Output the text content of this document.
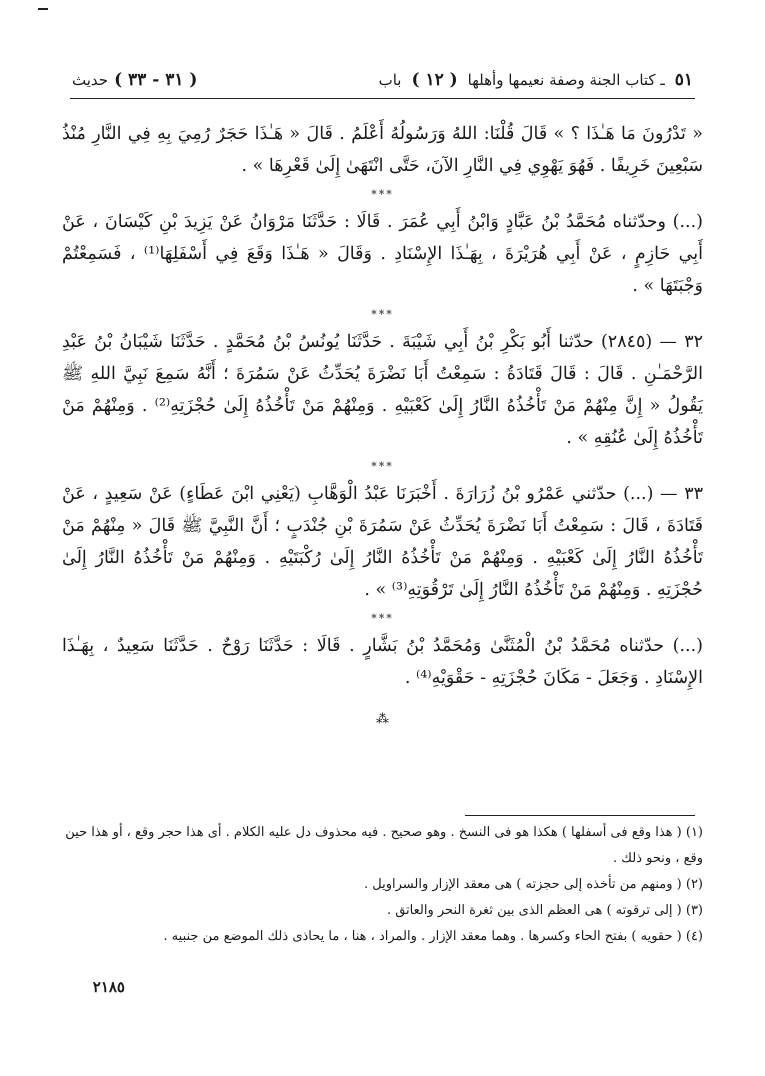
٥١
ـ كتاب الجنة وصفة نعيمها وأهلها
( ١٢ )
باب
( ٣١ - ٣٣ )
حديث

« تَدْرُونَ مَا هَـٰذَا ؟ » قَالَ قُلْنَا: اللهُ وَرَسُولُهُ أَعْلَمُ . قَالَ « هَـٰذَا حَجَرٌ رُمِيَ بِهِ فِي النَّارِ مُنْذُ سَبْعِينَ خَرِيفًا . فَهُوَ يَهْوِي فِي النَّارِ الآنَ، حَتَّى انْتَهَىٰ إِلَىٰ قَعْرِهَا » .

***

(...) وحدّثناه مُحَمَّدُ بْنُ عَبَّادٍ وَابْنُ أَبِي عُمَرَ . قَالَا : حَدَّثَنَا مَرْوَانُ عَنْ يَزِيدَ بْنِ كَيْسَانَ ، عَنْ أَبِي حَازِمٍ ، عَنْ أَبِي هُرَيْرَةَ ، بِهَـٰذَا الإِسْنَادِ . وَقَالَ « هَـٰذَا وَقَعَ فِي أَسْفَلِهَا⁽¹⁾ ، فَسَمِعْتُمْ وَجْبَتَهَا » .

***

٣٢ — (٢٨٤٥) حدّثنا أَبُو بَكْرِ بْنُ أَبِي شَيْبَةَ . حَدَّثَنَا يُونُسُ بْنُ مُحَمَّدٍ . حَدَّثَنَا شَيْبَانُ بْنُ عَبْدِ الرَّحْمَـٰنِ . قَالَ : قَالَ قَتَادَةُ : سَمِعْتُ أَبَا نَضْرَةَ يُحَدِّثُ عَنْ سَمُرَةَ ؛ أَنَّهُ سَمِعَ نَبِيَّ اللهِ ﷺ يَقُولُ « إِنَّ مِنْهُمْ مَنْ تَأْخُذُهُ النَّارُ إِلَىٰ كَعْبَيْهِ . وَمِنْهُمْ مَنْ تَأْخُذُهُ إِلَىٰ حُجْزَتِهِ⁽²⁾ . وَمِنْهُمْ مَنْ تَأْخُذُهُ إِلَىٰ عُنُقِهِ » .

***

٣٣ — (...) حدّثني عَمْرُو بْنُ زُرَارَةَ . أَخْبَرَنَا عَبْدُ الْوَهَّابِ (يَعْنِي ابْنَ عَطَاءٍ) عَنْ سَعِيدٍ ، عَنْ قَتَادَةَ ، قَالَ : سَمِعْتُ أَبَا نَضْرَةَ يُحَدِّثُ عَنْ سَمُرَةَ بْنِ جُنْدَبٍ ؛ أَنَّ النَّبِيَّ ﷺ قَالَ « مِنْهُمْ مَنْ تَأْخُذُهُ النَّارُ إِلَىٰ كَعْبَيْهِ . وَمِنْهُمْ مَنْ تَأْخُذُهُ النَّارُ إِلَىٰ رُكْبَتَيْهِ . وَمِنْهُمْ مَنْ تَأْخُذُهُ النَّارُ إِلَىٰ حُجْزَتِهِ . وَمِنْهُمْ مَنْ تَأْخُذُهُ النَّارُ إِلَىٰ تَرْقُوَتِهِ⁽³⁾ » .

***

(...) حدّثناه مُحَمَّدُ بْنُ الْمُثَنَّىٰ وَمُحَمَّدُ بْنُ بَشَّارٍ . قَالَا : حَدَّثَنَا رَوْحٌ . حَدَّثَنَا سَعِيدٌ ، بِهَـٰذَا الإِسْنَادِ . وَجَعَلَ - مَكَانَ حُجْزَتِهِ - حَقْوَيْهِ⁽⁴⁾ .

⁂

(١) ( هذا وقع فى أسفلها ) هكذا هو فى النسخ . وهو صحيح . فيه محذوف دل عليه الكلام . أى هذا حجر وقع ، أو هذا حين وقع ، ونحو ذلك .

(٢) ( ومنهم من تأخذه إلى حجزته ) هى معقد الإزار والسراويل .

(٣) ( إلى ترقوته ) هى العظم الذى بين ثغرة النحر والعاتق .

(٤) ( حقويه ) بفتح الحاء وكسرها . وهما معقد الإزار . والمراد ، هنا ، ما يحاذى ذلك الموضع من جنبيه .

٢١٨٥
